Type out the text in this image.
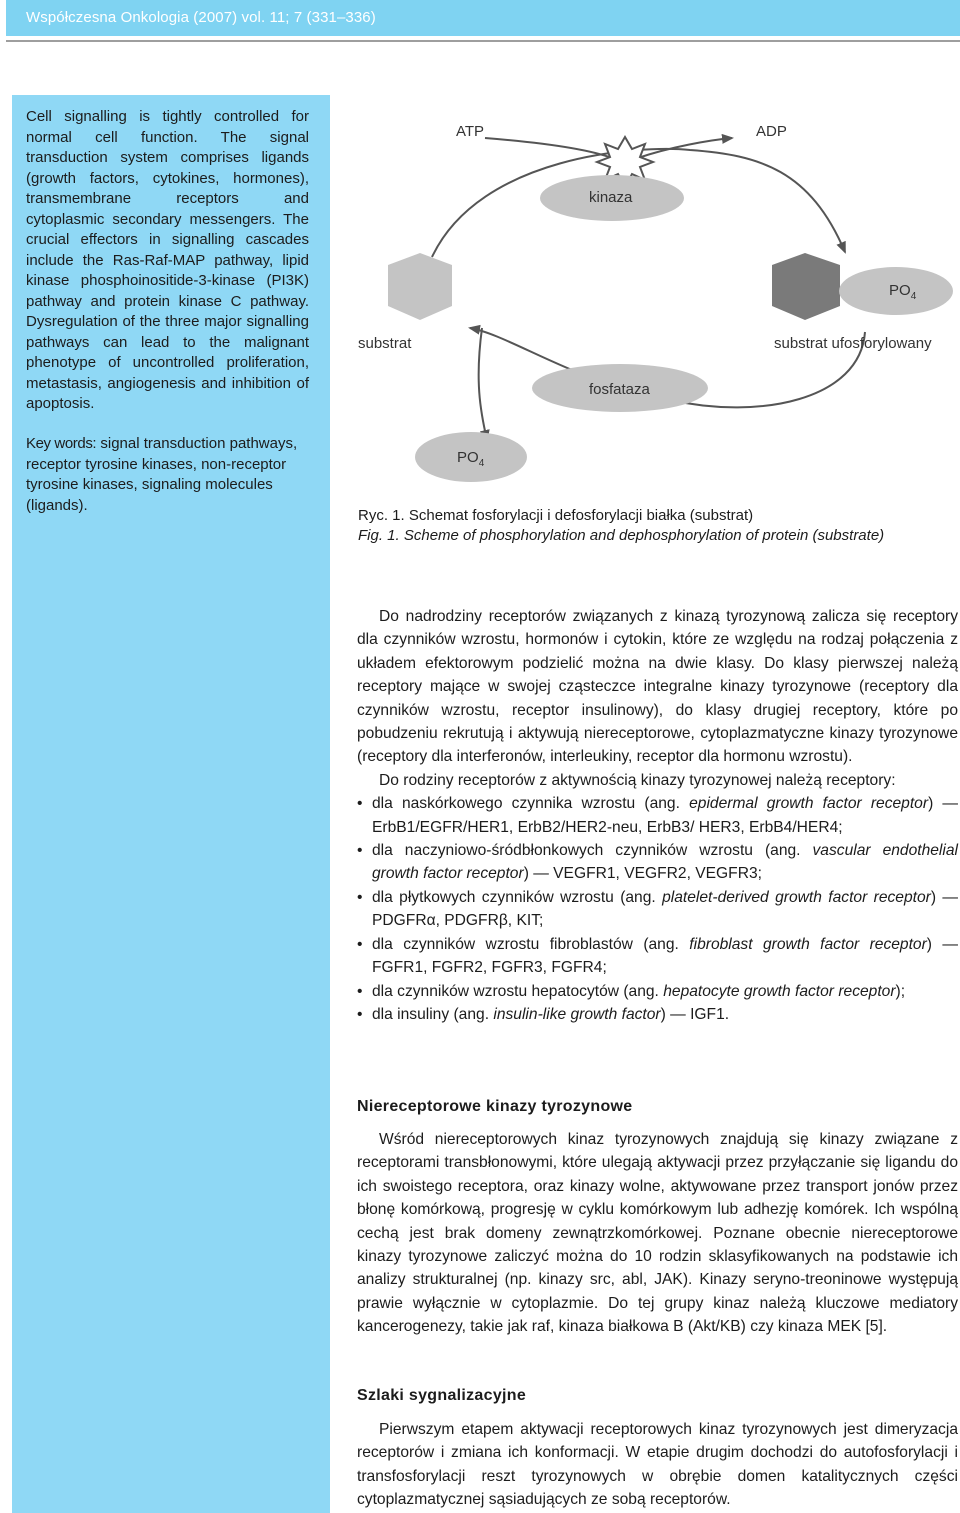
Współczesna Onkologia (2007) vol. 11; 7 (331–336)

Cell signalling is tightly controlled for normal cell function. The signal transduction system comprises ligands (growth factors, cytokines, hormones), transmembrane receptors and cytoplasmic secondary messengers. The crucial effectors in signalling cascades include the Ras-Raf-MAP pathway, lipid kinase phosphoinositide-3-kinase (PI3K) pathway and protein kinase C pathway. Dysregulation of the three major signalling pathways can lead to the malignant phenotype of uncontrolled proliferation, metastasis, angiogenesis and inhibition of apoptosis.

Key words: signal transduction pathways, receptor tyrosine kinases, non-receptor tyrosine kinases, signaling molecules (ligands).

ATP	ADP
kinaza
fosfataza
substrat	substrat ufosforylowany
$PO_4$
$PO_4$
Ryc. 1. Schemat fosforylacji i defosforylacji białka (substrat)
Fig. 1. Scheme of phosphorylation and dephosphorylation of protein (substrate)

Do nadrodziny receptorów związanych z kinazą tyrozynową zalicza się receptory dla czynników wzrostu, hormonów i cytokin, które ze względu na rodzaj połączenia z układem efektorowym podzielić można na dwie klasy. Do klasy pierwszej należą receptory mające w swojej cząsteczce integralne kinazy tyrozynowe (receptory dla czynników wzrostu, receptor insulinowy), do klasy drugiej receptory, które po pobudzeniu rekrutują i aktywują niereceptorowe, cytoplazmatyczne kinazy tyrozynowe (receptory dla interferonów, interleukiny, receptor dla hormonu wzrostu).

Do rodziny receptorów z aktywnością kinazy tyrozynowej należą receptory:

• dla naskórkowego czynnika wzrostu (ang. epidermal growth factor receptor) — ErbB1/EGFR/HER1, ErbB2/HER2-neu, ErbB3/ HER3, ErbB4/HER4;
• dla naczyniowo-śródbłonkowych czynników wzrostu (ang. vascular endothelial growth factor receptor) — VEGFR1, VEGFR2, VEGFR3;
• dla płytkowych czynników wzrostu (ang. platelet-derived growth factor receptor) — PDGFRα, PDGFRβ, KIT;
• dla czynników wzrostu fibroblastów (ang. fibroblast growth factor receptor) — FGFR1, FGFR2, FGFR3, FGFR4;
• dla czynników wzrostu hepatocytów (ang. hepatocyte growth factor receptor);
• dla insuliny (ang. insulin-like growth factor) — IGF1.
Niereceptorowe kinazy tyrozynowe

Wśród niereceptorowych kinaz tyrozynowych znajdują się kinazy związane z receptorami transbłonowymi, które ulegają aktywacji przez przyłączanie się ligandu do ich swoistego receptora, oraz kinazy wolne, aktywowane przez transport jonów przez błonę komórkową, progresję w cyklu komórkowym lub adhezję komórek. Ich wspólną cechą jest brak domeny zewnątrzkomórkowej. Poznane obecnie niereceptorowe kinazy tyrozynowe zaliczyć można do 10 rodzin sklasyfikowanych na podstawie ich analizy strukturalnej (np. kinazy src, abl, JAK). Kinazy seryno-treoninowe występują prawie wyłącznie w cytoplazmie. Do tej grupy kinaz należą kluczowe mediatory kancerogenezy, takie jak raf, kinaza białkowa B (Akt/KB) czy kinaza MEK [5].

Szlaki sygnalizacyjne

Pierwszym etapem aktywacji receptorowych kinaz tyrozynowych jest dimeryzacja receptorów i zmiana ich konformacji. W etapie drugim dochodzi do autofosforylacji i transfosforylacji reszt tyrozynowych w obrębie domen katalitycznych części cytoplazmatycznej sąsiadujących ze sobą receptorów.
